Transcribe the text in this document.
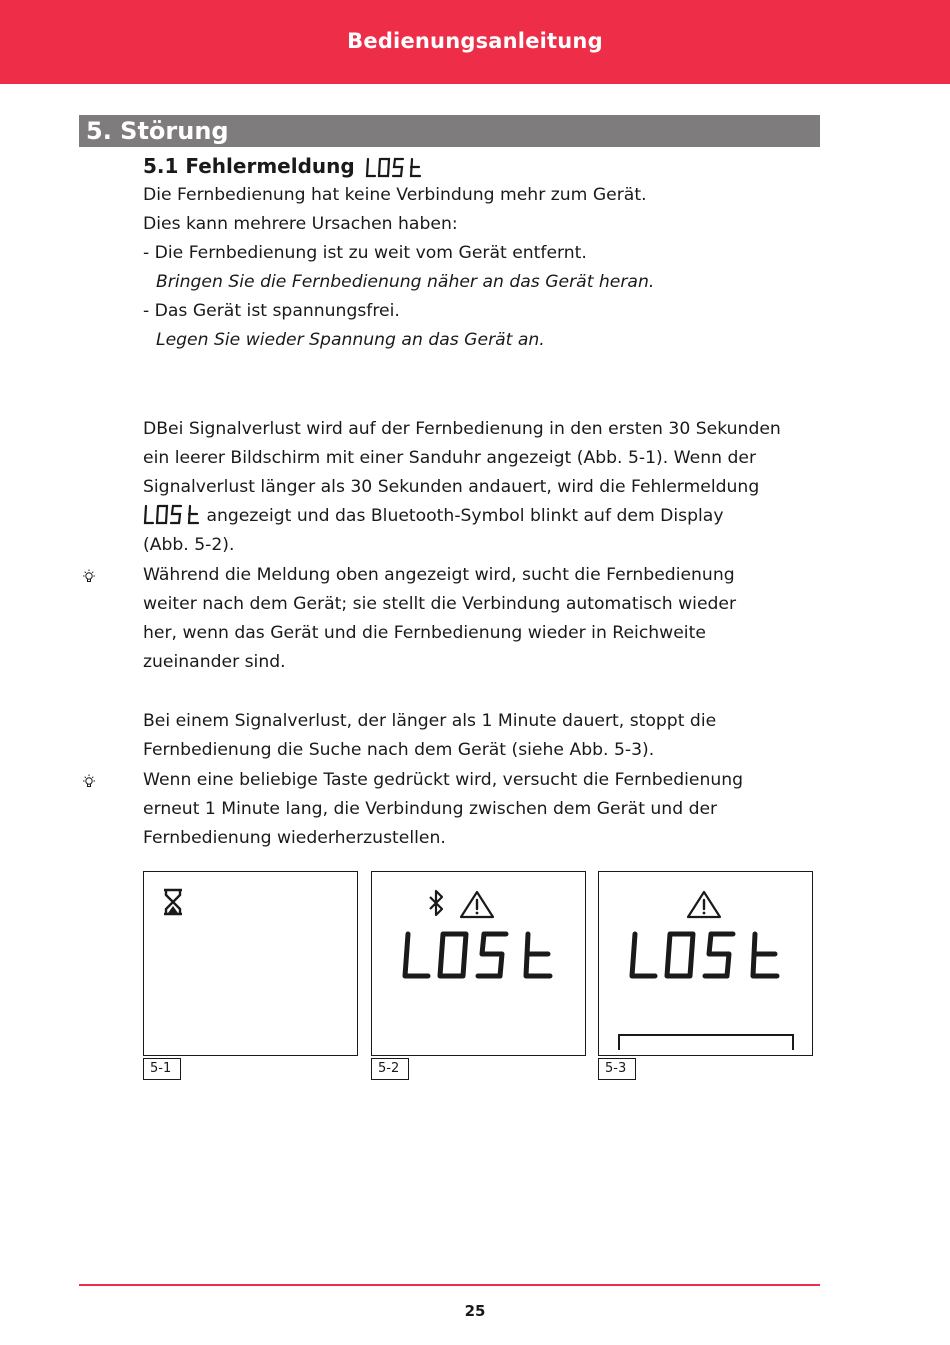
Bedienungsanleitung
5. Störung
5.1 Fehlermeldung
Die Fernbedienung hat keine Verbindung mehr zum Gerät.
Dies kann mehrere Ursachen haben:
- Die Fernbedienung ist zu weit vom Gerät entfernt.
Bringen Sie die Fernbedienung näher an das Gerät heran.
- Das Gerät ist spannungsfrei.
Legen Sie wieder Spannung an das Gerät an.
DBei Signalverlust wird auf der Fernbedienung in den ersten 30 Sekunden
ein leerer Bildschirm mit einer Sanduhr angezeigt (Abb. 5-1). Wenn der
Signalverlust länger als 30 Sekunden andauert, wird die Fehlermeldung
angezeigt und das Bluetooth-Symbol blinkt auf dem Display
(Abb. 5-2).
Während die Meldung oben angezeigt wird, sucht die Fernbedienung
weiter nach dem Gerät; sie stellt die Verbindung automatisch wieder
her, wenn das Gerät und die Fernbedienung wieder in Reichweite
zueinander sind.
Bei einem Signalverlust, der länger als 1 Minute dauert, stoppt die
Fernbedienung die Suche nach dem Gerät (siehe Abb. 5-3).
Wenn eine beliebige Taste gedrückt wird, versucht die Fernbedienung
erneut 1 Minute lang, die Verbindung zwischen dem Gerät und der
Fernbedienung wiederherzustellen.
5-1	5-2	5-3
25
